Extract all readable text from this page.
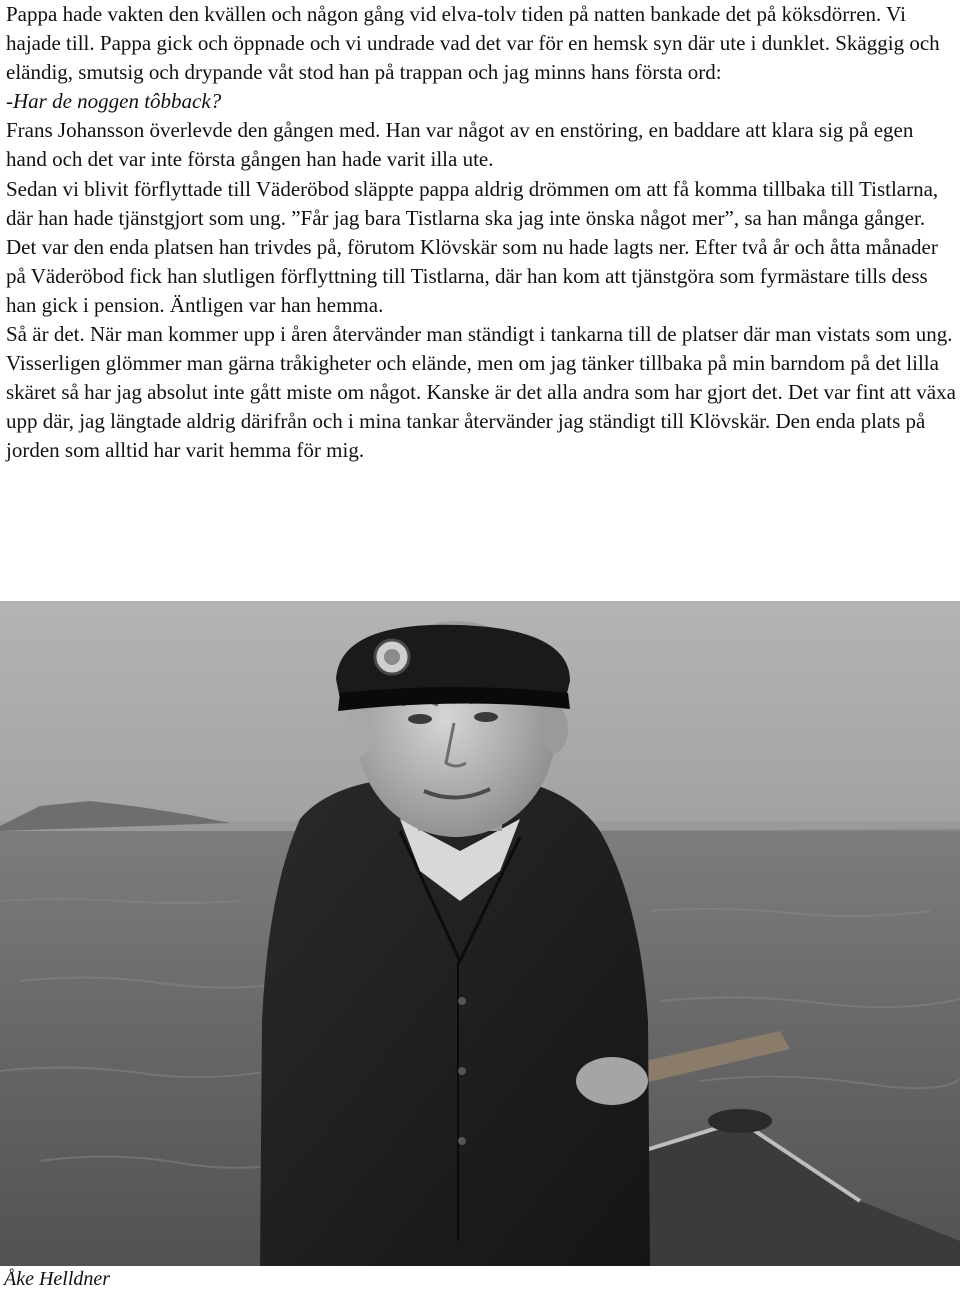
Pappa hade vakten den kvällen och någon gång vid elva-tolv tiden på natten bankade det på köksdörren. Vi hajade till. Pappa gick och öppnade och vi undrade vad det var för en hemsk syn där ute i dunklet. Skäggig och eländig, smutsig och drypande våt stod han på trappan och jag minns hans första ord:

-Har de noggen tôbback?

Frans Johansson överlevde den gången med. Han var något av en enstöring, en baddare att klara sig på egen hand och det var inte första gången han hade varit illa ute.

Sedan vi blivit förflyttade till Väderöbod släppte pappa aldrig drömmen om att få komma tillbaka till Tistlarna, där han hade tjänstgjort som ung. ”Får jag bara Tistlarna ska jag inte önska något mer”, sa han många gånger. Det var den enda platsen han trivdes på, förutom Klövskär som nu hade lagts ner. Efter två år och åtta månader på Väderöbod fick han slutligen förflyttning till Tistlarna, där han kom att tjänstgöra som fyrmästare tills dess han gick i pension. Äntligen var han hemma.

Så är det. När man kommer upp i åren återvänder man ständigt i tankarna till de platser där man vistats som ung. Visserligen glömmer man gärna tråkigheter och elände, men om jag tänker tillbaka på min barndom på det lilla skäret så har jag absolut inte gått miste om något. Kanske är det alla andra som har gjort det. Det var fint att växa upp där, jag längtade aldrig därifrån och i mina tankar återvänder jag ständigt till Klövskär. Den enda plats på jorden som alltid har varit hemma för mig.

Åke Helldner
